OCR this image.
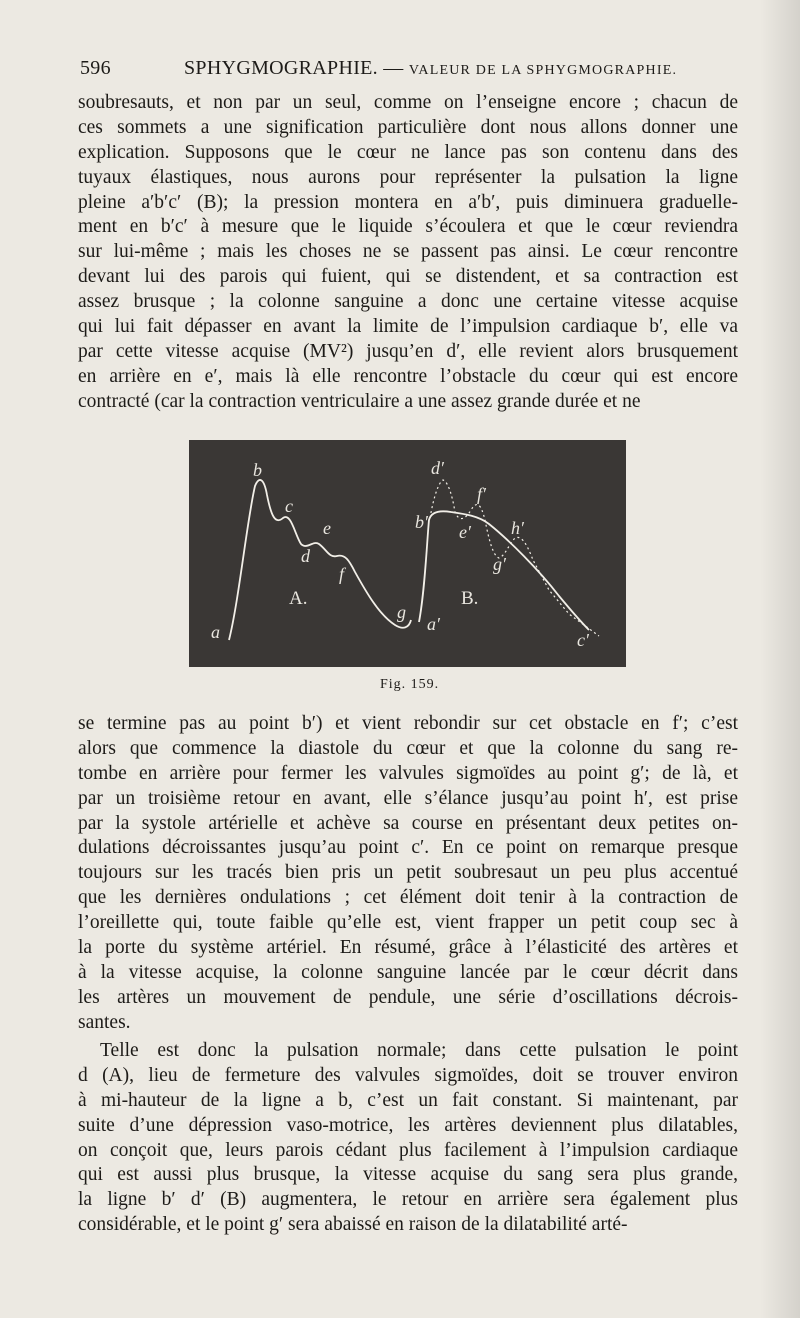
596	SPHYGMOGRAPHIE. — VALEUR DE LA SPHYGMOGRAPHIE.
soubresauts, et non par un seul, comme on l’enseigne encore ; chacun de
ces sommets a une signification particulière dont nous allons donner une
explication. Supposons que le cœur ne lance pas son contenu dans des
tuyaux élastiques, nous aurons pour représenter la pulsation la ligne
pleine a′b′c′ (B); la pression montera en a′b′, puis diminuera graduelle-
ment en b′c′ à mesure que le liquide s’écoulera et que le cœur reviendra
sur lui-même ; mais les choses ne se passent pas ainsi. Le cœur rencontre
devant lui des parois qui fuient, qui se distendent, et sa contraction est
assez brusque ; la colonne sanguine a donc une certaine vitesse acquise
qui lui fait dépasser en avant la limite de l’impulsion cardiaque b′, elle va
par cette vitesse acquise (MV²) jusqu’en d′, elle revient alors brusquement
en arrière en e′, mais là elle rencontre l’obstacle du cœur qui est encore
contracté (car la contraction ventriculaire a une assez grande durée et ne
b
c
e
d
f
g
a
A.
d′
f′
b′ e′ h′
g′
a′
c′
B.
Fig. 159.
se termine pas au point b′) et vient rebondir sur cet obstacle en f′; c’est
alors que commence la diastole du cœur et que la colonne du sang re-
tombe en arrière pour fermer les valvules sigmoïdes au point g′; de là, et
par un troisième retour en avant, elle s’élance jusqu’au point h′, est prise
par la systole artérielle et achève sa course en présentant deux petites on-
dulations décroissantes jusqu’au point c′. En ce point on remarque presque
toujours sur les tracés bien pris un petit soubresaut un peu plus accentué
que les dernières ondulations ; cet élément doit tenir à la contraction de
l’oreillette qui, toute faible qu’elle est, vient frapper un petit coup sec à
la porte du système artériel. En résumé, grâce à l’élasticité des artères et
à la vitesse acquise, la colonne sanguine lancée par le cœur décrit dans
les artères un mouvement de pendule, une série d’oscillations décrois-
santes.
Telle est donc la pulsation normale; dans cette pulsation le point
d (A), lieu de fermeture des valvules sigmoïdes, doit se trouver environ
à mi-hauteur de la ligne a b, c’est un fait constant. Si maintenant, par
suite d’une dépression vaso-motrice, les artères deviennent plus dilatables,
on conçoit que, leurs parois cédant plus facilement à l’impulsion cardiaque
qui est aussi plus brusque, la vitesse acquise du sang sera plus grande,
la ligne b′ d′ (B) augmentera, le retour en arrière sera également plus
considérable, et le point g′ sera abaissé en raison de la dilatabilité arté-
